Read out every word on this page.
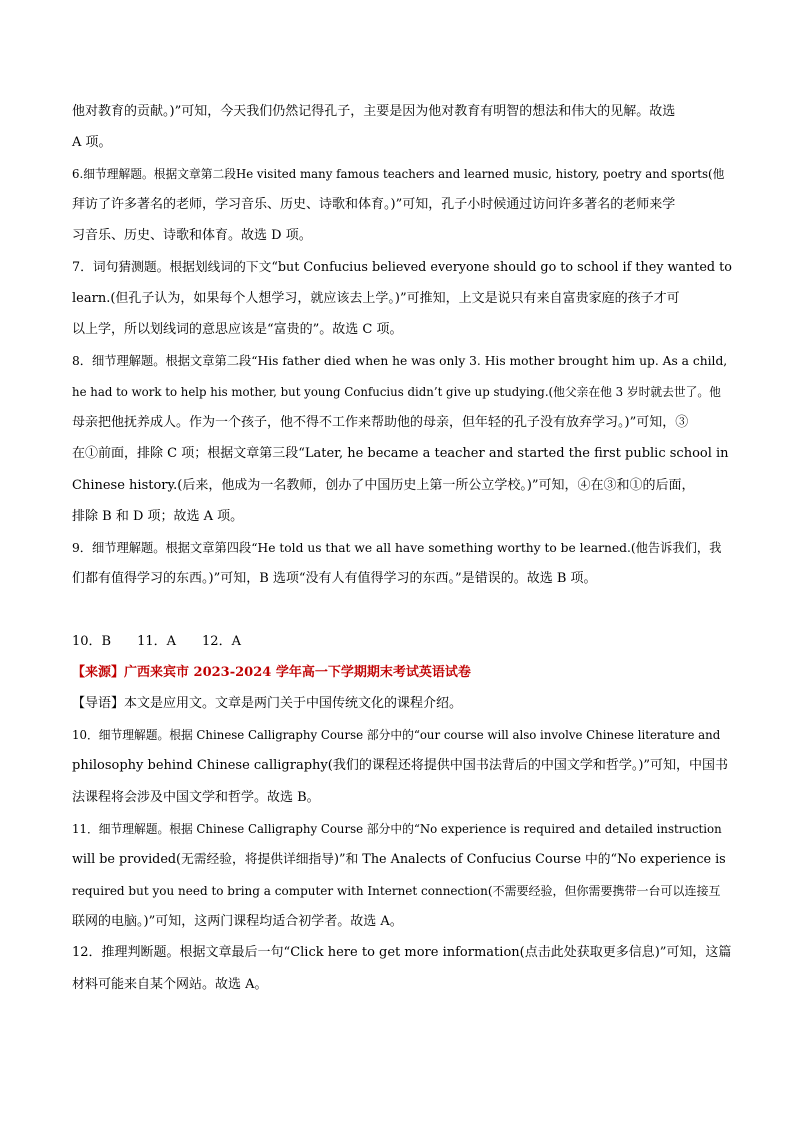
他对教育的贡献。)”可知，今天我们仍然记得孔子，主要是因为他对教育有明智的想法和伟大的见解。故选
A 项。
6.细节理解题。根据文章第二段He visited many famous teachers and learned music, history, poetry and sports(他
拜访了许多著名的老师，学习音乐、历史、诗歌和体育。)”可知，孔子小时候通过访问许多著名的老师来学
习音乐、历史、诗歌和体育。故选 D 项。
7．词句猜测题。根据划线词的下文“but Confucius believed everyone should go to school if they wanted to
learn.(但孔子认为，如果每个人想学习，就应该去上学。)”可推知，上文是说只有来自富贵家庭的孩子才可
以上学，所以划线词的意思应该是“富贵的”。故选 C 项。
8．细节理解题。根据文章第二段“His father died when he was only 3. His mother brought him up. As a child,
he had to work to help his mother, but young Confucius didn’t give up studying.(他父亲在他 3 岁时就去世了。他
母亲把他抚养成人。作为一个孩子，他不得不工作来帮助他的母亲，但年轻的孔子没有放弃学习。)”可知，③
在①前面，排除 C 项；根据文章第三段“Later, he became a teacher and started the first public school in
Chinese history.(后来，他成为一名教师，创办了中国历史上第一所公立学校。)”可知，④在③和①的后面，
排除 B 和 D 项；故选 A 项。
9．细节理解题。根据文章第四段“He told us that we all have something worthy to be learned.(他告诉我们，我
们都有值得学习的东西。)”可知，B 选项“没有人有值得学习的东西。”是错误的。故选 B 项。
10．B　　11．A　　12．A
【来源】广西来宾市 2023-2024 学年高一下学期期末考试英语试卷
【导语】本文是应用文。文章是两门关于中国传统文化的课程介绍。
10．细节理解题。根据 Chinese Calligraphy Course 部分中的“our course will also involve Chinese literature and
philosophy behind Chinese calligraphy(我们的课程还将提供中国书法背后的中国文学和哲学。)”可知，中国书
法课程将会涉及中国文学和哲学。故选 B。
11．细节理解题。根据 Chinese Calligraphy Course 部分中的“No experience is required and detailed instruction
will be provided(无需经验，将提供详细指导)”和 The Analects of Confucius Course 中的“No experience is
required but you need to bring a computer with Internet connection(不需要经验，但你需要携带一台可以连接互
联网的电脑。)”可知，这两门课程均适合初学者。故选 A。
12．推理判断题。根据文章最后一句“Click here to get more information(点击此处获取更多信息)”可知，这篇
材料可能来自某个网站。故选 A。
